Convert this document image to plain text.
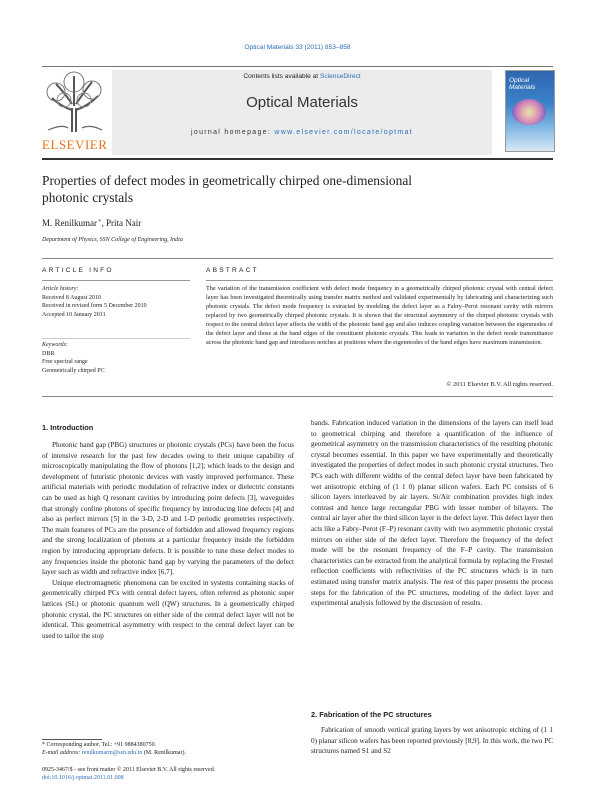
Optical Materials 33 (2011) 853–858
ELSEVIER
Contents lists available at ScienceDirect
Optical Materials
journal homepage: www.elsevier.com/locate/optmat
Optical Materials
Properties of defect modes in geometrically chirped one-dimensional
photonic crystals
M. Renilkumar*, Prita Nair
Department of Physics, SSN College of Engineering, India
ARTICLE INFO
Article history:
Received 8 August 2010
Received in revised form 5 December 2010
Accepted 10 January 2011
Keywords:
DBR
Free spectral range
Geometrically chirped PC
ABSTRACT
The variation of the transmission coefficient with defect mode frequency in a geometrically chirped photonic crystal with central defect layer has been investigated theoretically using transfer matrix method and validated experimentally by fabricating and characterizing such photonic crystals. The defect mode frequency is extracted by modeling the defect layer as a Fabry–Perot resonant cavity with mirrors replaced by two geometrically chirped photonic crystals. It is shown that the structural asymmetry of the chirped photonic crystals with respect to the central defect layer affects the width of the photonic band gap and also induces coupling variation between the eigenmodes of the defect layer and those at the band edges of the constituent photonic crystals. This leads to variation in the defect mode transmittance across the photonic band gap and introduces notches at positions where the eigenmodes of the band edges have maximum transmission.
© 2011 Elsevier B.V. All rights reserved.
1. Introduction

Photonic band gap (PBG) structures or photonic crystals (PCs) have been the focus of intensive research for the past few decades owing to their unique capability of microscopically manipulating the flow of photons [1,2]; which leads to the design and development of futuristic photonic devices with vastly improved performance. These artificial materials with periodic modulation of refractive index or dielectric constants can be used as high Q resonant cavities by introducing point defects [3], waveguides that strongly confine photons of specific frequency by introducing line defects [4] and also as perfect mirrors [5] in the 3-D, 2-D and 1-D periodic geometries respectively. The main features of PCs are the presence of forbidden and allowed frequency regions and the strong localization of photons at a particular frequency inside the forbidden region by introducing appropriate defects. It is possible to tune these defect modes to any frequencies inside the photonic band gap by varying the parameters of the defect layer such as width and refractive index [6,7].

Unique electromagnetic phenomena can be excited in systems containing stacks of geometrically chirped PCs with central defect layers, often referred as photonic super lattices (SL) or photonic quantum well (QW) structures. In a geometrically chirped photonic crystal, the PC structures on either side of the central defect layer will not be identical. This geometrical asymmetry with respect to the central defect layer can be used to tailor the stop

bands. Fabrication induced variation in the dimensions of the layers can itself lead to geometrical chirping and therefore a quantification of the influence of geometrical asymmetry on the transmission characteristics of the resulting photonic crystal becomes essential. In this paper we have experimentally and theoretically investigated the properties of defect modes in such photonic crystal structures. Two PCs each with different widths of the central defect layer have been fabricated by wet anisotropic etching of (1 1 0) planar silicon wafers. Each PC consists of 6 silicon layers interleaved by air layers. Si/Air combination provides high index contrast and hence large rectangular PBG with lesser number of bilayers. The central air layer after the third silicon layer is the defect layer. This defect layer then acts like a Fabry–Perot (F–P) resonant cavity with two asymmetric photonic crystal mirrors on either side of the defect layer. Therefore the frequency of the defect mode will be the resonant frequency of the F–P cavity. The transmission characteristics can be extracted from the analytical formula by replacing the Fresnel reflection coefficients with reflectivities of the PC structures which is in turn estimated using transfer matrix analysis. The rest of this paper presents the process steps for the fabrication of the PC structures, modeling of the defect layer and experimental analysis followed by the discussion of results.

2. Fabrication of the PC structures

Fabrication of smooth vertical grating layers by wet anisotropic etching of (1 1 0) planar silicon wafers has been reported previously [8,9]. In this work, the two PC structures named S1 and S2

* Corresponding author. Tel.: +91 9884380750.
E-mail address: renilkumarm@ssn.edu.in (M. Renilkumar).
0925-3467/$ - see front matter © 2011 Elsevier B.V. All rights reserved.
doi:10.1016/j.optmat.2011.01.008
